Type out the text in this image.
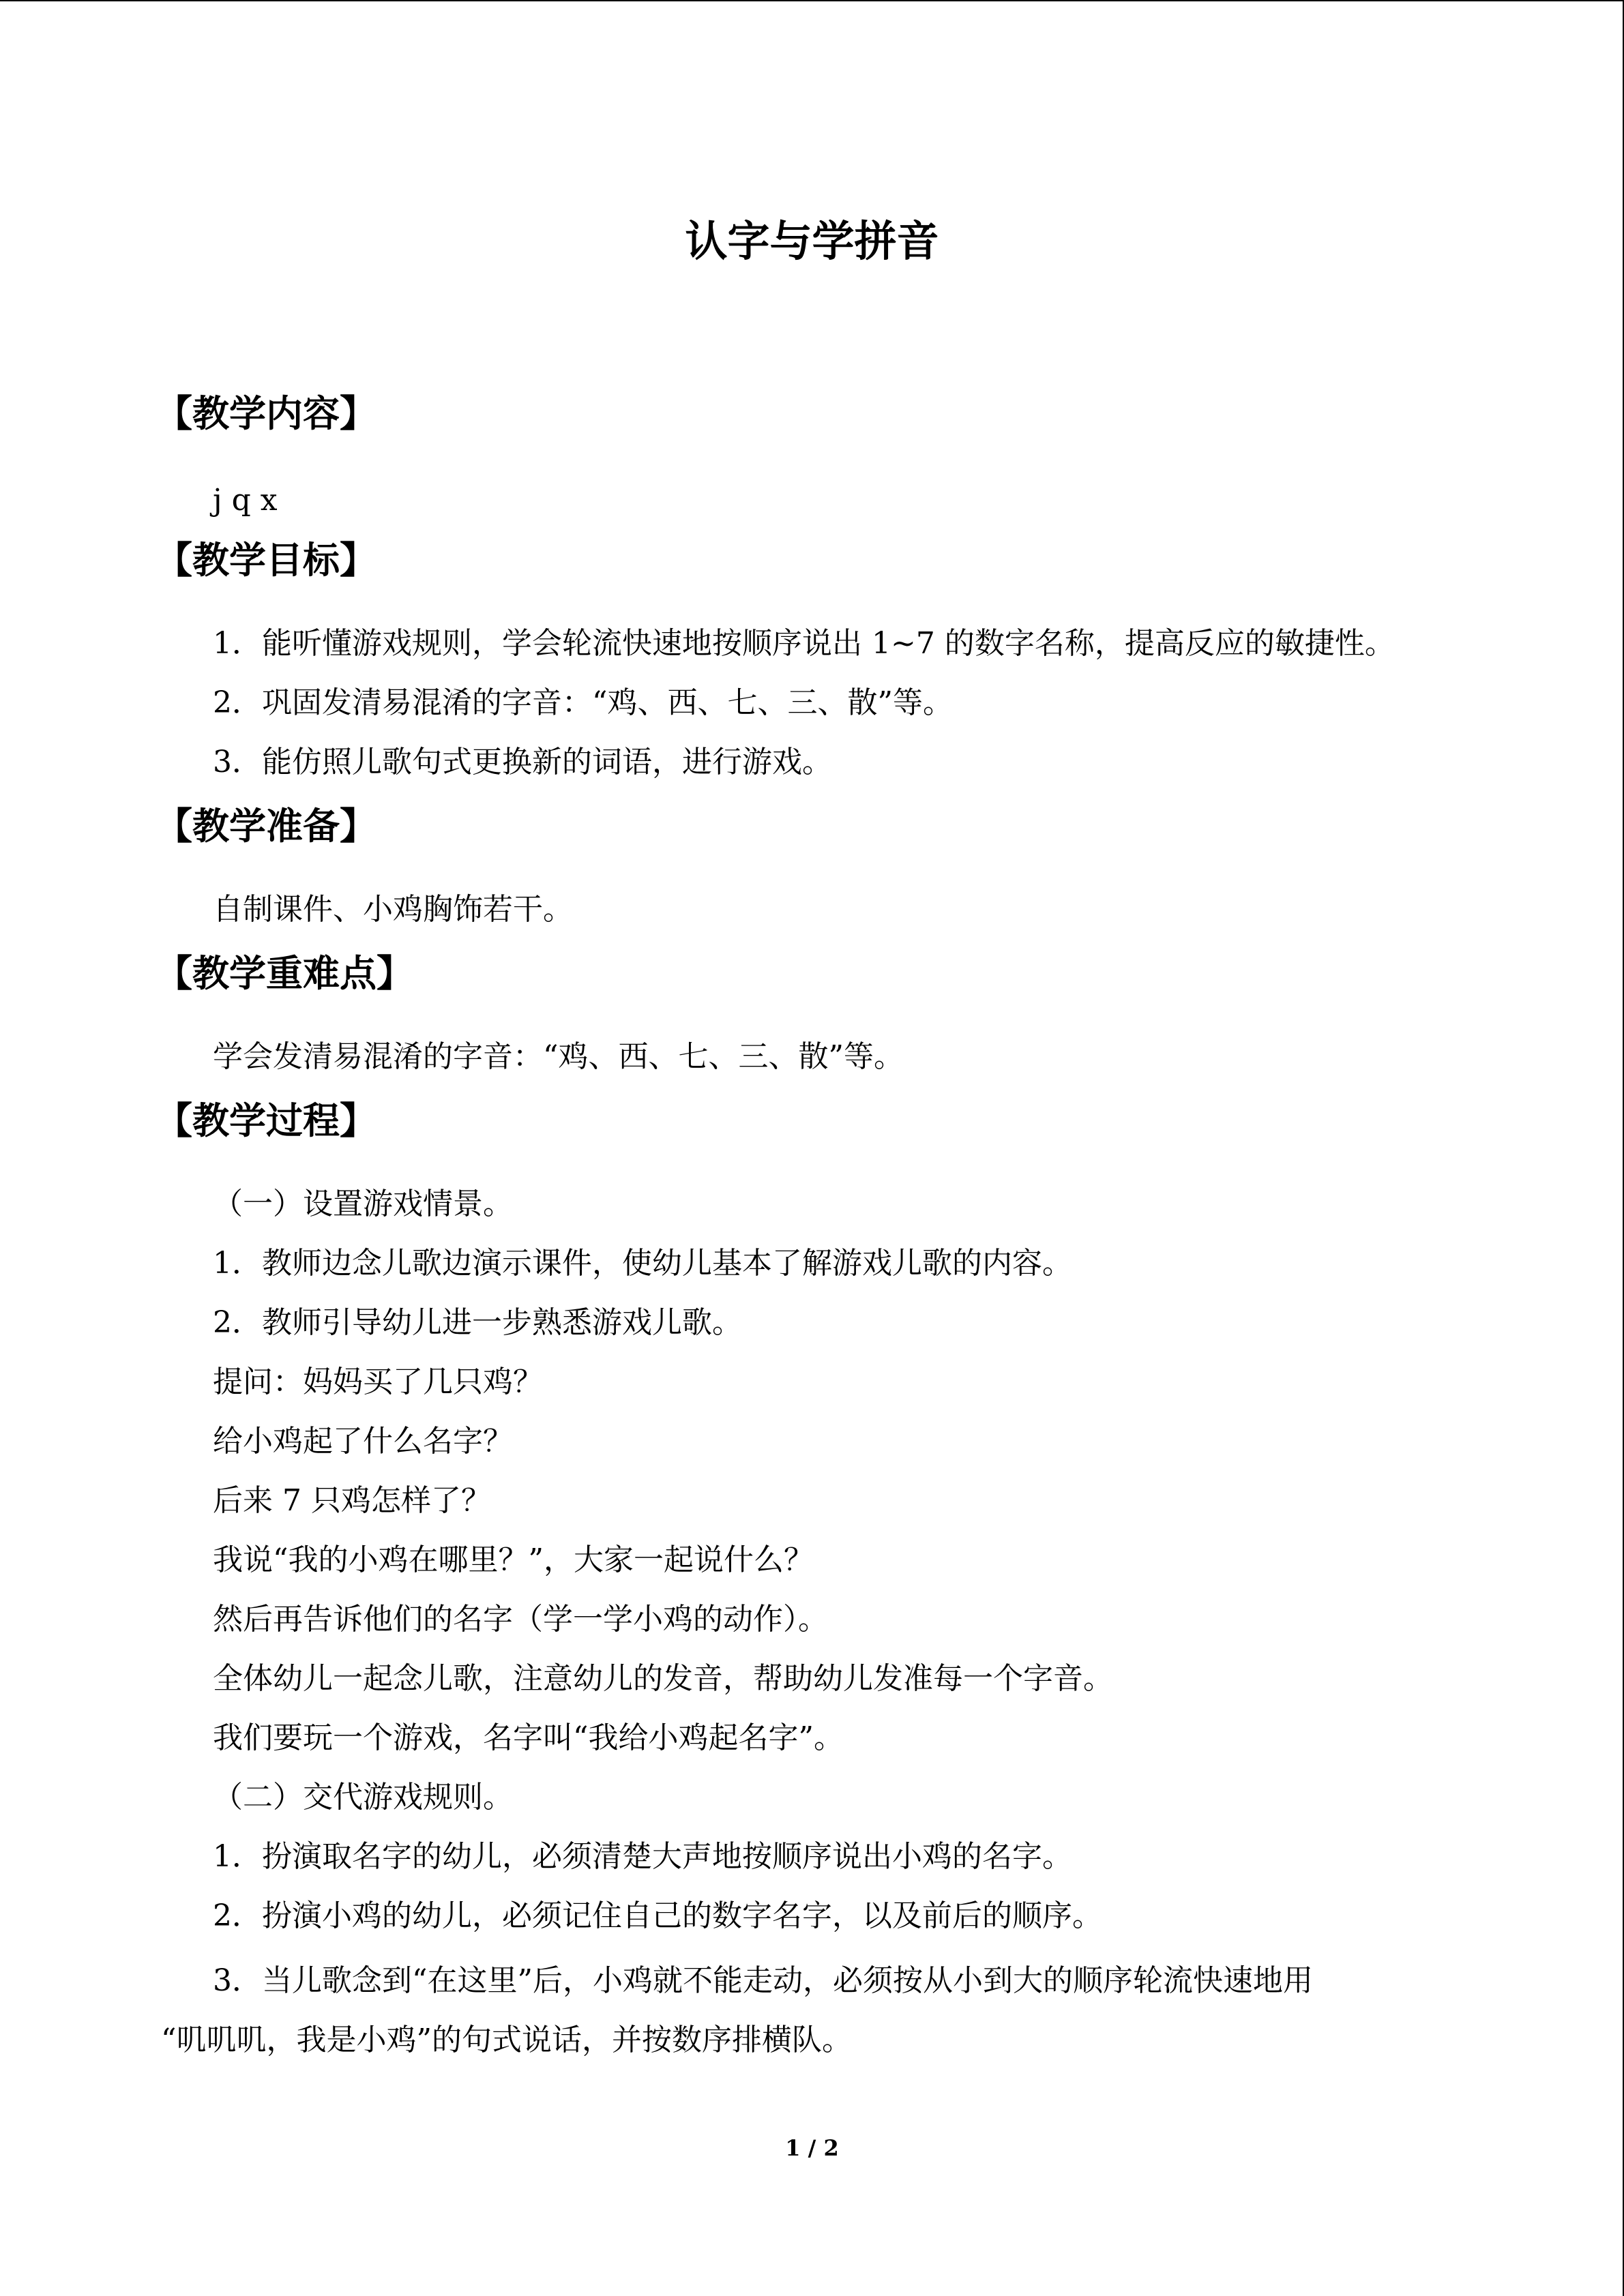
认字与学拼音
【教学内容】
j q x
【教学目标】
1．能听懂游戏规则，学会轮流快速地按顺序说出 1~7 的数字名称，提高反应的敏捷性。
2．巩固发清易混淆的字音：“鸡、西、七、三、散”等。
3．能仿照儿歌句式更换新的词语，进行游戏。
【教学准备】
自制课件、小鸡胸饰若干。
【教学重难点】
学会发清易混淆的字音：“鸡、西、七、三、散”等。
【教学过程】
（一）设置游戏情景。
1．教师边念儿歌边演示课件，使幼儿基本了解游戏儿歌的内容。
2．教师引导幼儿进一步熟悉游戏儿歌。
提问：妈妈买了几只鸡？
给小鸡起了什么名字？
后来 7 只鸡怎样了？
我说“我的小鸡在哪里？”，大家一起说什么？
然后再告诉他们的名字（学一学小鸡的动作）。
全体幼儿一起念儿歌，注意幼儿的发音，帮助幼儿发准每一个字音。
我们要玩一个游戏，名字叫“我给小鸡起名字”。
（二）交代游戏规则。
1．扮演取名字的幼儿，必须清楚大声地按顺序说出小鸡的名字。
2．扮演小鸡的幼儿，必须记住自己的数字名字，以及前后的顺序。
3．当儿歌念到“在这里”后，小鸡就不能走动，必须按从小到大的顺序轮流快速地用
“叽叽叽，我是小鸡”的句式说话，并按数序排横队。
1 / 2
